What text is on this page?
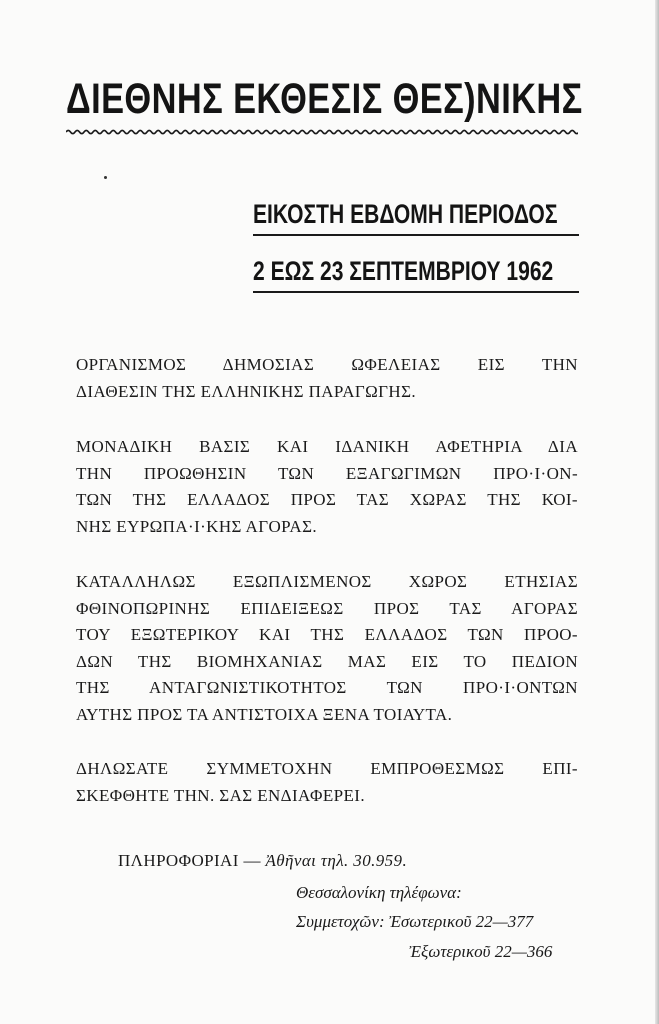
ΔΙΕΘΝΗΣ ΕΚΘΕΣΙΣ ΘΕΣ)ΝΙΚΗΣ
ΕΙΚΟΣΤΗ ΕΒΔΟΜΗ ΠΕΡΙΟΔΟΣ
2 ΕΩΣ 23 ΣΕΠΤΕΜΒΡΙΟΥ 1962

ΟΡΓΑΝΙΣΜΟΣ ΔΗΜΟΣΙΑΣ ΩΦΕΛΕΙΑΣ ΕΙΣ ΤΗΝ
ΔΙΑΘΕΣΙΝ ΤΗΣ ΕΛΛΗΝΙΚΗΣ ΠΑΡΑΓΩΓΗΣ.

ΜΟΝΑΔΙΚΗ ΒΑΣΙΣ ΚΑΙ ΙΔΑΝΙΚΗ ΑΦΕΤΗΡΙΑ ΔΙΑ
ΤΗΝ ΠΡΟΩΘΗΣΙΝ ΤΩΝ ΕΞΑΓΩΓΙΜΩΝ ΠΡΟ·Ι·ΟΝ-
ΤΩΝ ΤΗΣ ΕΛΛΑΔΟΣ ΠΡΟΣ ΤΑΣ ΧΩΡΑΣ ΤΗΣ ΚΟΙ-
ΝΗΣ ΕΥΡΩΠΑ·Ι·ΚΗΣ ΑΓΟΡΑΣ.

ΚΑΤΑΛΛΗΛΩΣ ΕΞΩΠΛΙΣΜΕΝΟΣ ΧΩΡΟΣ ΕΤΗΣΙΑΣ
ΦΘΙΝΟΠΩΡΙΝΗΣ ΕΠΙΔΕΙΞΕΩΣ ΠΡΟΣ ΤΑΣ ΑΓΟΡΑΣ
ΤΟΥ ΕΞΩΤΕΡΙΚΟΥ ΚΑΙ ΤΗΣ ΕΛΛΑΔΟΣ ΤΩΝ ΠΡΟΟ-
ΔΩΝ ΤΗΣ ΒΙΟΜΗΧΑΝΙΑΣ ΜΑΣ ΕΙΣ ΤΟ ΠΕΔΙΟΝ
ΤΗΣ ΑΝΤΑΓΩΝΙΣΤΙΚΟΤΗΤΟΣ ΤΩΝ ΠΡΟ·Ι·ΟΝΤΩΝ
ΑΥΤΗΣ ΠΡΟΣ ΤΑ ΑΝΤΙΣΤΟΙΧΑ ΞΕΝΑ ΤΟΙΑΥΤΑ.

ΔΗΛΩΣΑΤΕ ΣΥΜΜΕΤΟΧΗΝ ΕΜΠΡΟΘΕΣΜΩΣ ΕΠΙ-
ΣΚΕΦΘΗΤΕ ΤΗΝ. ΣΑΣ ΕΝΔΙΑΦΕΡΕΙ.

ΠΛΗΡΟΦΟΡΙΑΙ — Ἀθῆναι τηλ. 30.959.

Θεσσαλονίκη τηλέφωνα:

Συμμετοχῶν: Ἐσωτερικοῦ 22—377

Ἐξωτερικοῦ 22—366
